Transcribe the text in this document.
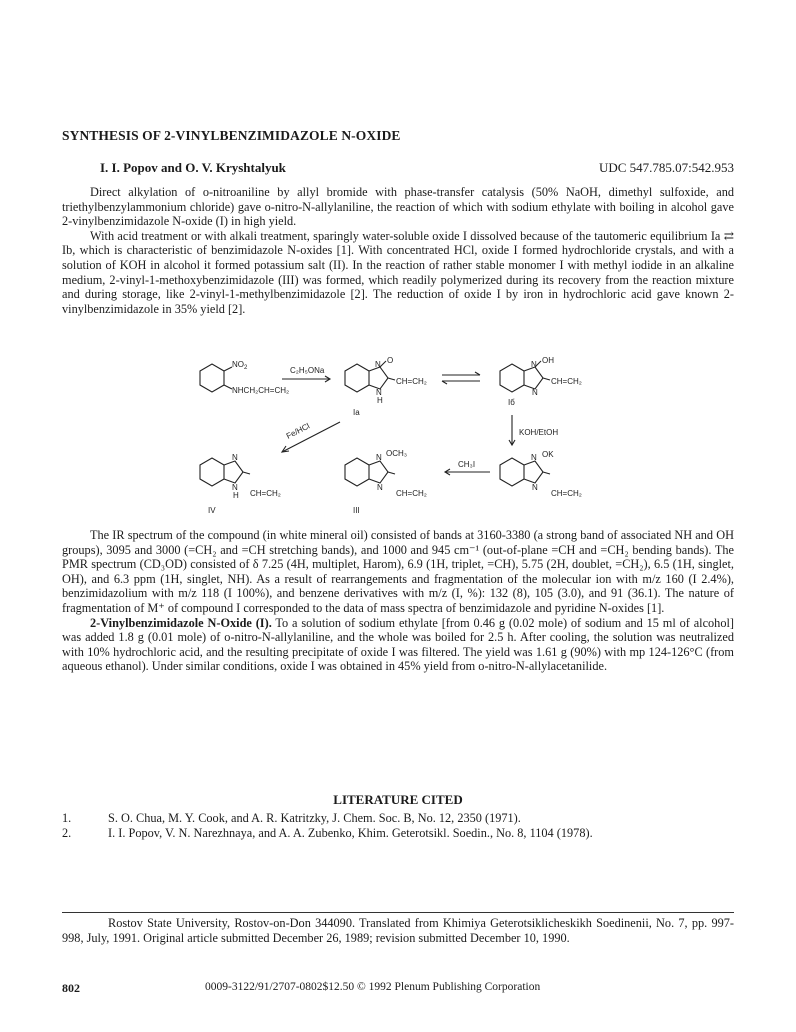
SYNTHESIS OF 2-VINYLBENZIMIDAZOLE N-OXIDE
I. I. Popov and O. V. Kryshtalyuk	UDC 547.785.07:542.953

Direct alkylation of o-nitroaniline by allyl bromide with phase-transfer catalysis (50% NaOH, dimethyl sulfoxide, and triethylbenzylammonium chloride) gave o-nitro-N-allylaniline, the reaction of which with sodium ethylate with boiling in alcohol gave 2-vinylbenzimidazole N-oxide (I) in high yield.

With acid treatment or with alkali treatment, sparingly water-soluble oxide I dissolved because of the tautomeric equilibrium Ia ⇄ Ib, which is characteristic of benzimidazole N-oxides [1]. With concentrated HCl, oxide I formed hydrochloride crystals, and with a solution of KOH in alcohol it formed potassium salt (II). In the reaction of rather stable monomer I with methyl iodide in an alkaline medium, 2-vinyl-1-methoxybenzimidazole (III) was formed, which readily polymerized during its recovery from the reaction mixture and during storage, like 2-vinyl-1-methylbenzimidazole [2]. The reduction of oxide I by iron in hydrochloric acid gave known 2-vinylbenzimidazole in 35% yield [2].

$NO_2$
NHCH₂CH=CH₂
C₂H₅ONa
N O
N
H
CH=CH₂
Ia
N OH
N
CH=CH₂
Iб
KOH/EtOH
Fe/HCl
N OK
N
CH=CH₂
CH₃I
N OCH₃
N
CH=CH₂
III
N
N
H CH=CH₂
IV

The IR spectrum of the compound (in white mineral oil) consisted of bands at 3160-3380 (a strong band of associated NH and OH groups), 3095 and 3000 (=CH₂ and =CH stretching bands), and 1000 and 945 cm⁻¹ (out-of-plane =CH and =CH₂ bending bands). The PMR spectrum (CD₃OD) consisted of δ 7.25 (4H, multiplet, Harom), 6.9 (1H, triplet, =CH), 5.75 (2H, doublet, =CH₂), 6.5 (1H, singlet, OH), and 6.3 ppm (1H, singlet, NH). As a result of rearrangements and fragmentation of the molecular ion with m/z 160 (I 2.4%), benzimidazolium with m/z 118 (I 100%), and benzene derivatives with m/z (I, %): 132 (8), 105 (3.0), and 91 (36.1). The nature of fragmentation of M⁺ of compound I corresponded to the data of mass spectra of benzimidazole and pyridine N-oxides [1].

2-Vinylbenzimidazole N-Oxide (I). To a solution of sodium ethylate [from 0.46 g (0.02 mole) of sodium and 15 ml of alcohol] was added 1.8 g (0.01 mole) of o-nitro-N-allylaniline, and the whole was boiled for 2.5 h. After cooling, the solution was neutralized with 10% hydrochloric acid, and the resulting precipitate of oxide I was filtered. The yield was 1.61 g (90%) with mp 124-126°C (from aqueous ethanol). Under similar conditions, oxide I was obtained in 45% yield from o-nitro-N-allylacetanilide.

LITERATURE CITED
1.	S. O. Chua, M. Y. Cook, and A. R. Katritzky, J. Chem. Soc. B, No. 12, 2350 (1971).
2.	I. I. Popov, V. N. Narezhnaya, and A. A. Zubenko, Khim. Geterotsikl. Soedin., No. 8, 1104 (1978).
Rostov State University, Rostov-on-Don 344090. Translated from Khimiya Geterotsiklicheskikh Soedinenii, No. 7, pp. 997-998, July, 1991. Original article submitted December 26, 1989; revision submitted December 10, 1990.
802	0009-3122/91/2707-0802$12.50 © 1992 Plenum Publishing Corporation
